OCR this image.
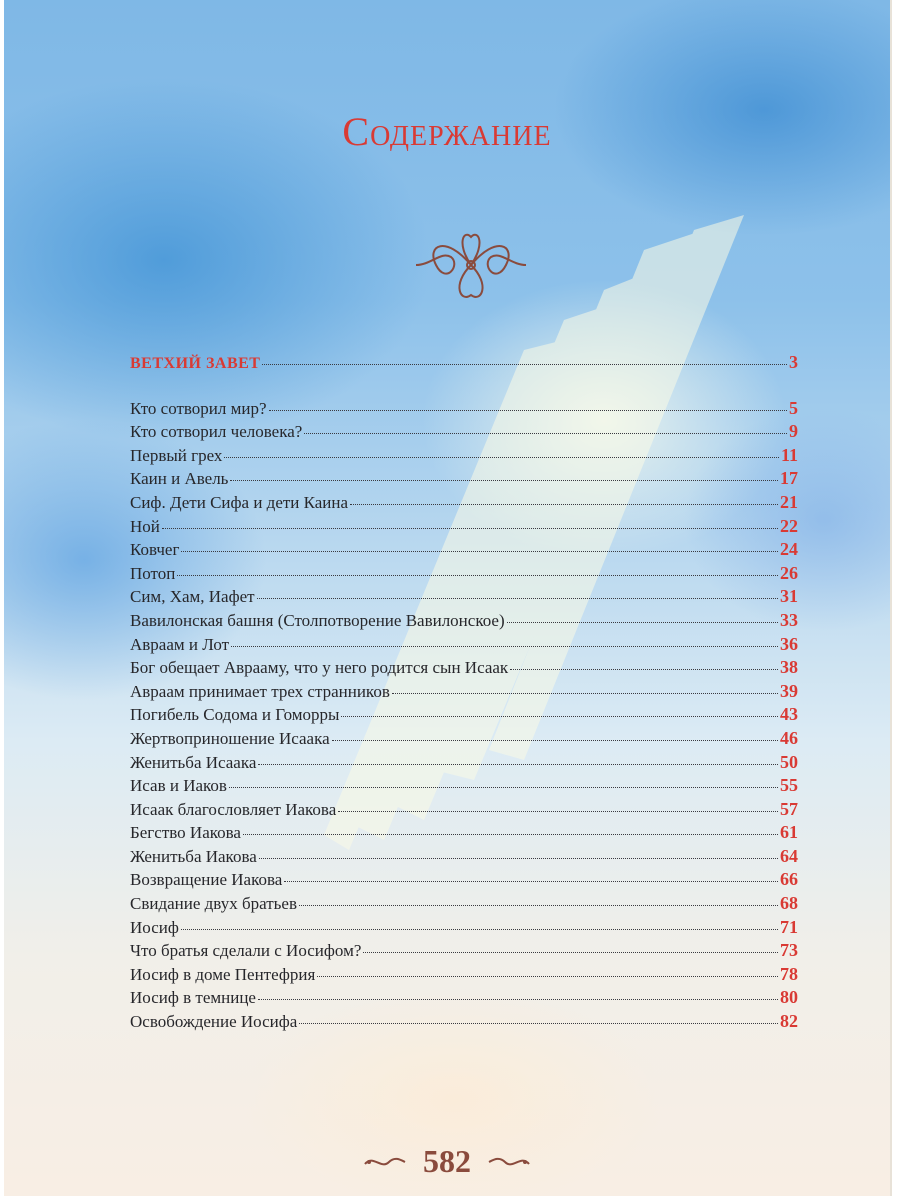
Содержание
ВЕТХИЙ ЗАВЕТ	3
Кто сотворил мир?	5
Кто сотворил человека?	9
Первый грех	11
Каин и Авель	17
Сиф. Дети Сифа и дети Каина	21
Ной	22
Ковчег	24
Потоп	26
Сим, Хам, Иафет	31
Вавилонская башня (Столпотворение Вавилонское)	33
Авраам и Лот	36
Бог обещает Аврааму, что у него родится сын Исаак	38
Авраам принимает трех странников	39
Погибель Содома и Гоморры	43
Жертвоприношение Исаака	46
Женитьба Исаака	50
Исав и Иаков	55
Исаак благословляет Иакова	57
Бегство Иакова	61
Женитьба Иакова	64
Возвращение Иакова	66
Свидание двух братьев	68
Иосиф	71
Что братья сделали с Иосифом?	73
Иосиф в доме Пентефрия	78
Иосиф в темнице	80
Освобождение Иосифа	82
582
